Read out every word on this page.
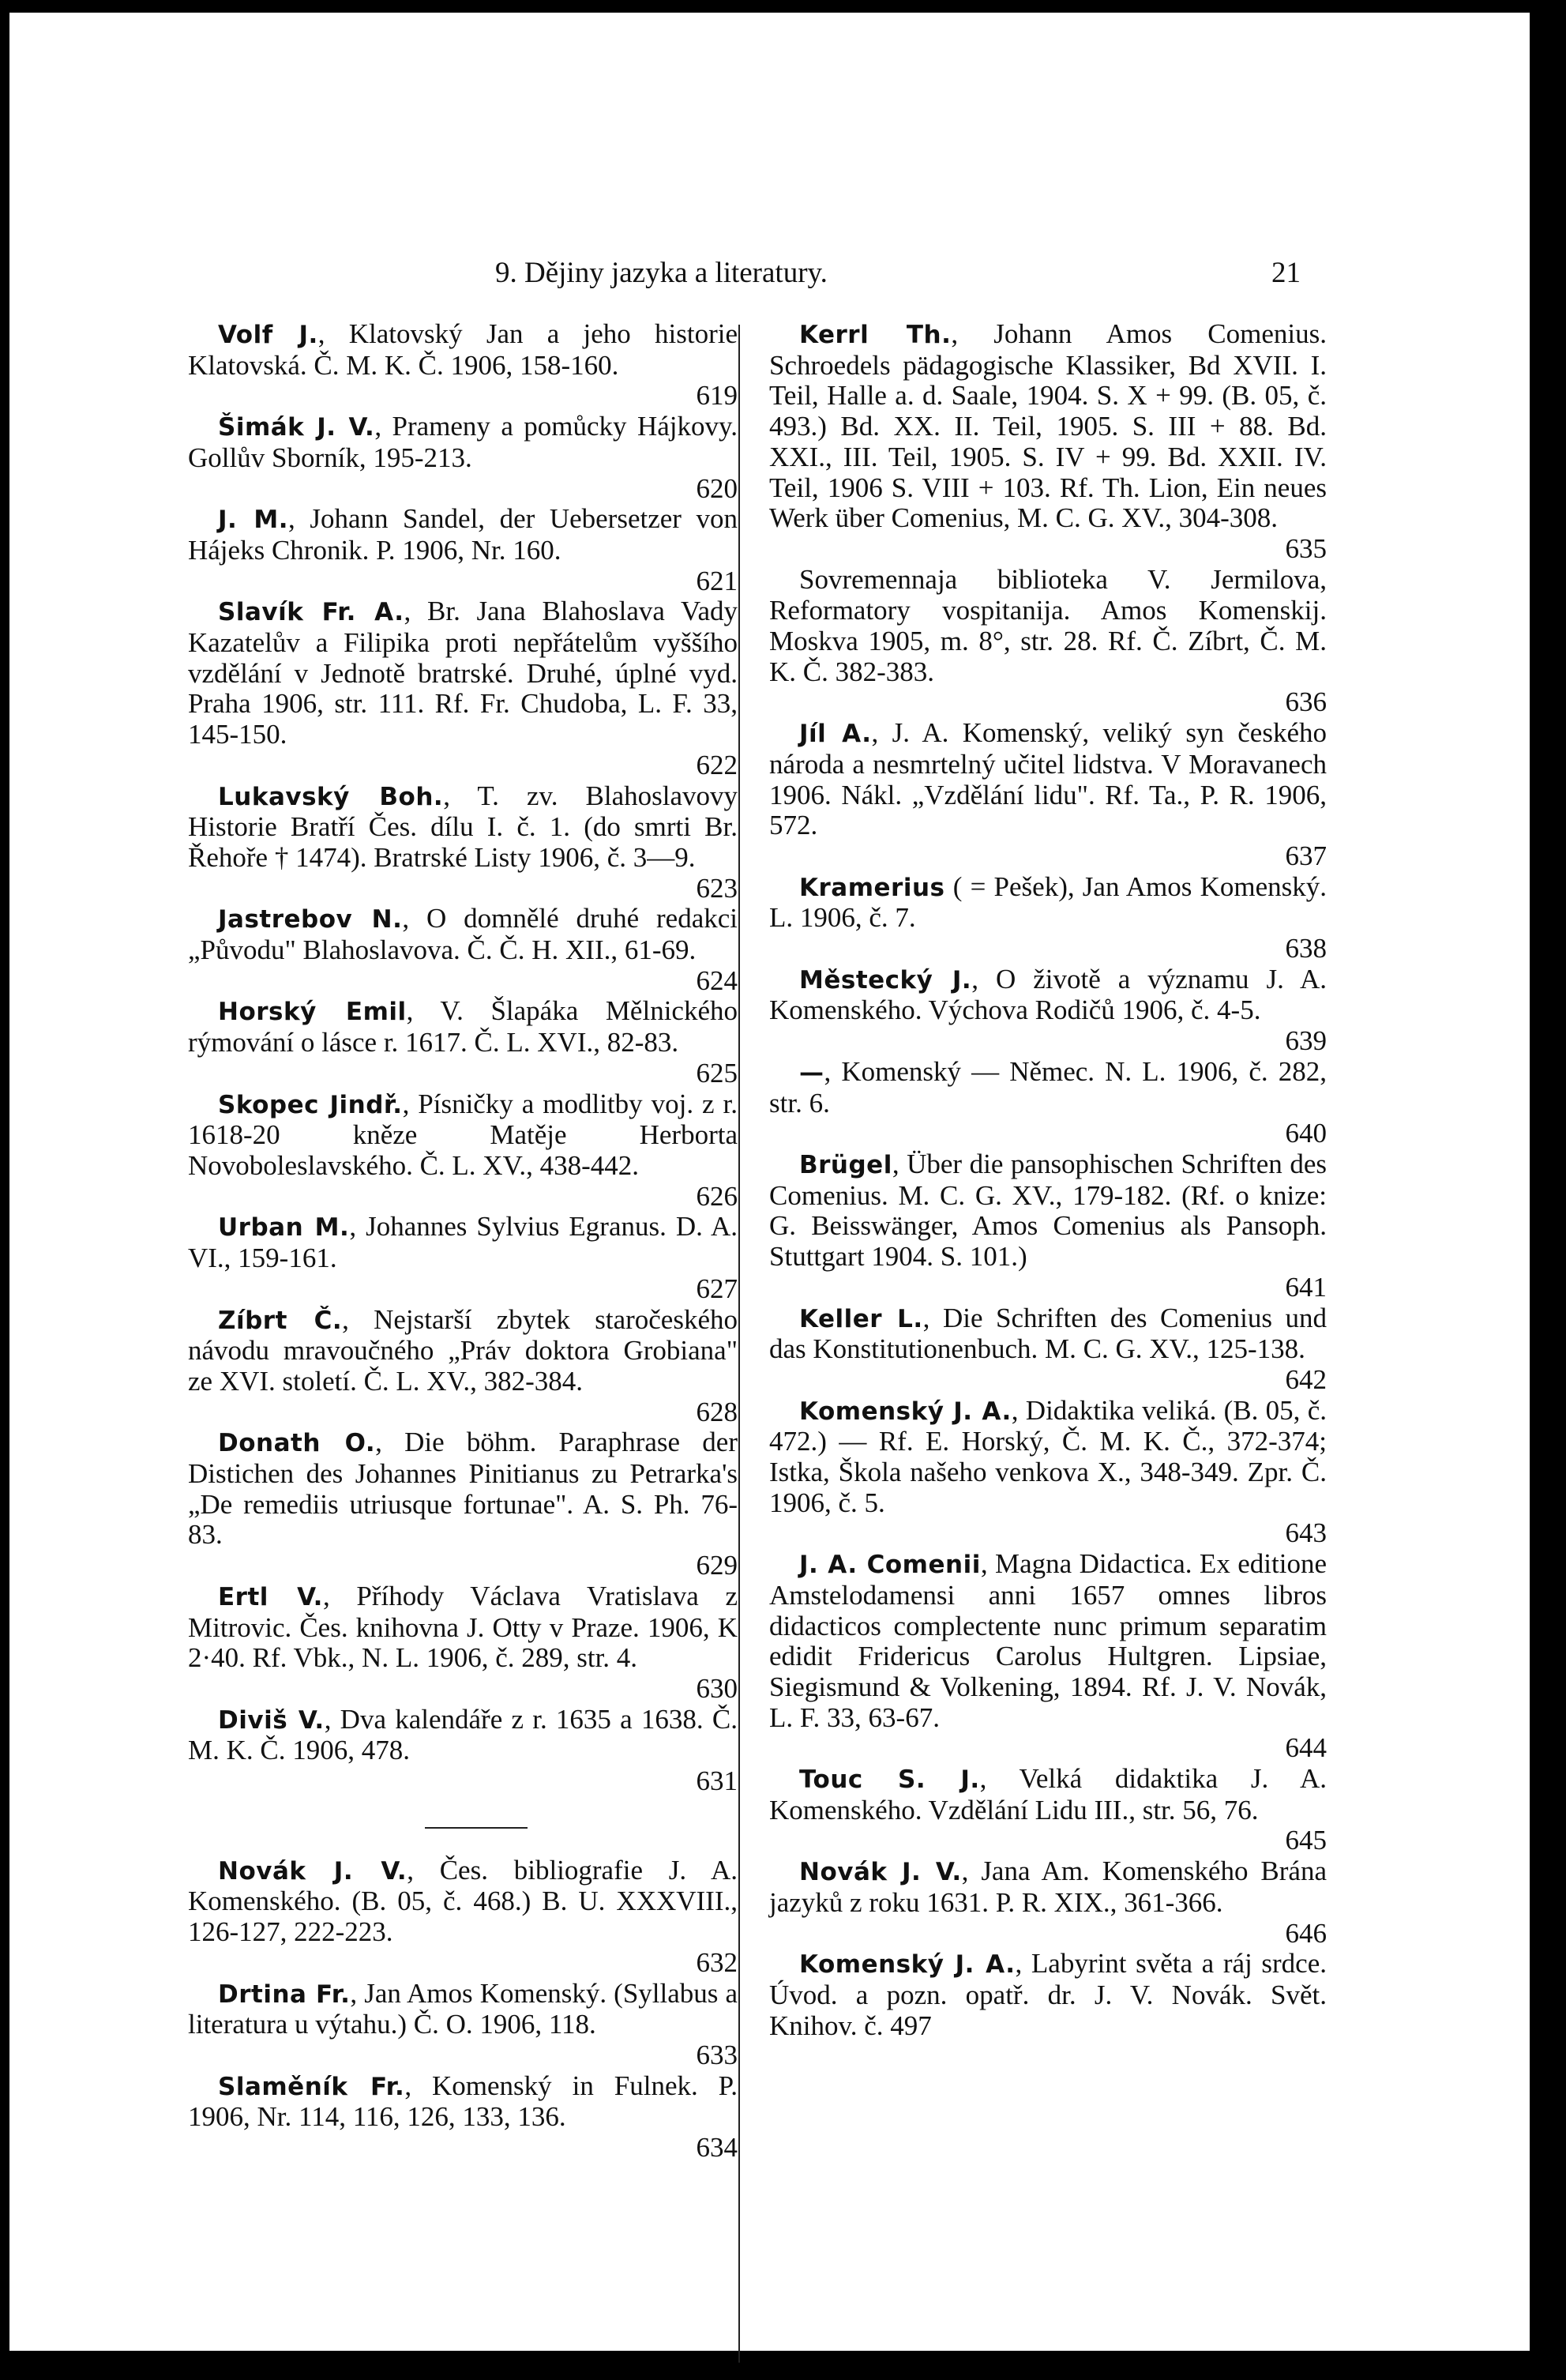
9. Dějiny jazyka a literatury.	21

Volf J., Klatovský Jan a jeho historie Klatovská. Č. M. K. Č. 1906, 158-160.
619

Šimák J. V., Prameny a pomůcky Hájkovy. Gollův Sborník, 195-213.
620

J. M., Johann Sandel, der Uebersetzer von Hájeks Chronik. P. 1906, Nr. 160.
621

Slavík Fr. A., Br. Jana Blahoslava Vady Kazatelův a Filipika proti nepřátelům vyššího vzdělání v Jednotě bratrské. Druhé, úplné vyd. Praha 1906, str. 111. Rf. Fr. Chudoba, L. F. 33, 145-150.
622

Lukavský Boh., T. zv. Blahoslavovy Historie Bratří Čes. dílu I. č. 1. (do smrti Br. Řehoře † 1474). Bratrské Listy 1906, č. 3—9.
623

Jastrebov N., O domnělé druhé redakci „Původu" Blahoslavova. Č. Č. H. XII., 61-69.
624

Horský Emil, V. Šlapáka Mělnického rýmování o lásce r. 1617. Č. L. XVI., 82-83.
625

Skopec Jindř., Písničky a modlitby voj. z r. 1618-20 kněze Matěje Herborta Novoboleslavského. Č. L. XV., 438-442.
626

Urban M., Johannes Sylvius Egranus. D. A. VI., 159-161.
627

Zíbrt Č., Nejstarší zbytek staročeského návodu mravoučného „Práv doktora Grobiana" ze XVI. století. Č. L. XV., 382-384.
628

Donath O., Die böhm. Paraphrase der Distichen des Johannes Pinitianus zu Petrarka's „De remediis utriusque fortunae". A. S. Ph. 76-83.
629

Ertl V., Příhody Václava Vratislava z Mitrovic. Čes. knihovna J. Otty v Praze. 1906, K 2·40. Rf. Vbk., N. L. 1906, č. 289, str. 4.
630

Diviš V., Dva kalendáře z r. 1635 a 1638. Č. M. K. Č. 1906, 478.
631

Novák J. V., Čes. bibliografie J. A. Komenského. (B. 05, č. 468.) B. U. XXXVIII., 126-127, 222-223.
632

Drtina Fr., Jan Amos Komenský. (Syllabus a literatura u výtahu.) Č. O. 1906, 118.
633

Slaměník Fr., Komenský in Fulnek. P. 1906, Nr. 114, 116, 126, 133, 136.
634

Kerrl Th., Johann Amos Comenius. Schroedels pädagogische Klassiker, Bd XVII. I. Teil, Halle a. d. Saale, 1904. S. X + 99. (B. 05, č. 493.) Bd. XX. II. Teil, 1905. S. III + 88. Bd. XXI., III. Teil, 1905. S. IV + 99. Bd. XXII. IV. Teil, 1906 S. VIII + 103. Rf. Th. Lion, Ein neues Werk über Comenius, M. C. G. XV., 304-308.
635

Sovremennaja biblioteka V. Jermilova, Reformatory vospitanija. Amos Komenskij. Moskva 1905, m. 8°, str. 28. Rf. Č. Zíbrt, Č. M. K. Č. 382-383.
636

Jíl A., J. A. Komenský, veliký syn českého národa a nesmrtelný učitel lidstva. V Moravanech 1906. Nákl. „Vzdělání lidu". Rf. Ta., P. R. 1906, 572.
637

Kramerius ( = Pešek), Jan Amos Komenský. L. 1906, č. 7.
638

Městecký J., O životě a významu J. A. Komenského. Výchova Rodičů 1906, č. 4-5.
639

—, Komenský — Němec. N. L. 1906, č. 282, str. 6.
640

Brügel, Über die pansophischen Schriften des Comenius. M. C. G. XV., 179-182. (Rf. o knize: G. Beisswänger, Amos Comenius als Pansoph. Stuttgart 1904. S. 101.)
641

Keller L., Die Schriften des Comenius und das Konstitutionenbuch. M. C. G. XV., 125-138.
642

Komenský J. A., Didaktika veliká. (B. 05, č. 472.) — Rf. E. Horský, Č. M. K. Č., 372-374; Istka, Škola našeho venkova X., 348-349. Zpr. Č. 1906, č. 5.
643

J. A. Comenii, Magna Didactica. Ex editione Amstelodamensi anni 1657 omnes libros didacticos complectente nunc primum separatim edidit Fridericus Carolus Hultgren. Lipsiae, Siegismund & Volkening, 1894. Rf. J. V. Novák, L. F. 33, 63-67.
644

Touc S. J., Velká didaktika J. A. Komenského. Vzdělání Lidu III., str. 56, 76.
645

Novák J. V., Jana Am. Komenského Brána jazyků z roku 1631. P. R. XIX., 361-366.
646

Komenský J. A., Labyrint světa a ráj srdce. Úvod. a pozn. opatř. dr. J. V. Novák. Svět. Knihov. č. 497
